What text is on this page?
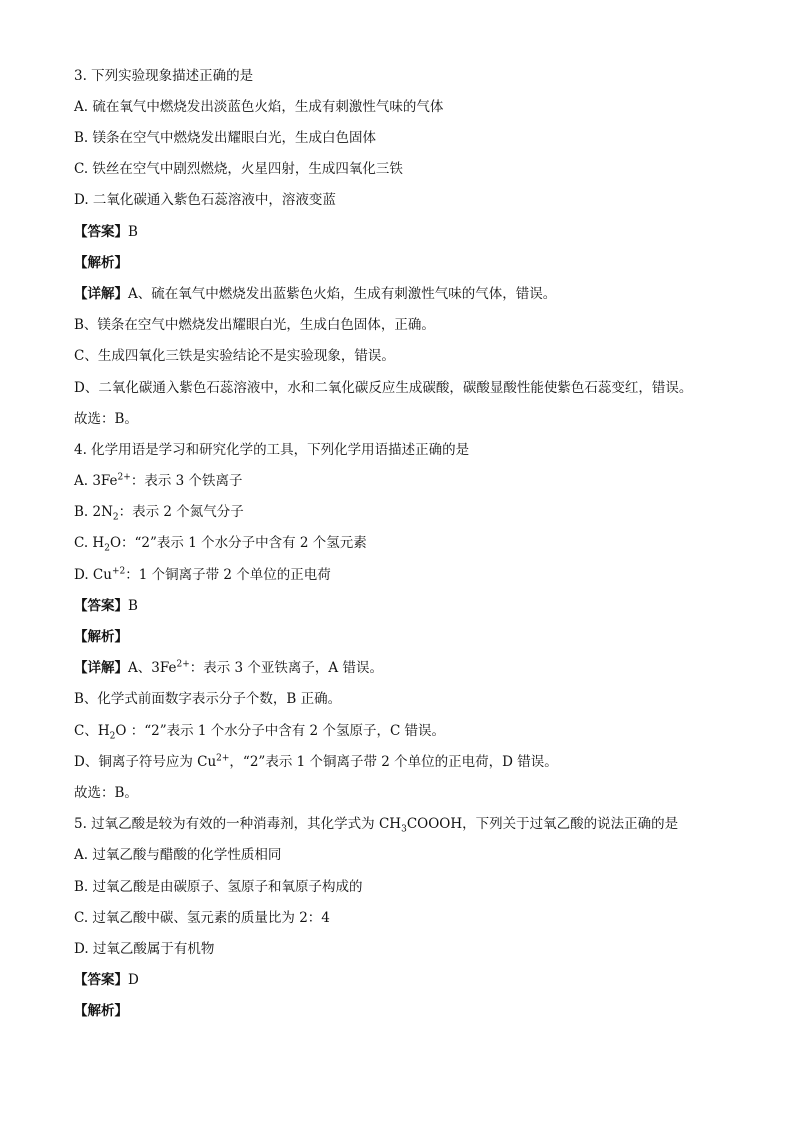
3. 下列实验现象描述正确的是
A. 硫在氧气中燃烧发出淡蓝色火焰，生成有刺激性气味的气体
B. 镁条在空气中燃烧发出耀眼白光，生成白色固体
C. 铁丝在空气中剧烈燃烧，火星四射，生成四氧化三铁
D. 二氧化碳通入紫色石蕊溶液中，溶液变蓝
【答案】B
【解析】
【详解】A、硫在氧气中燃烧发出蓝紫色火焰，生成有刺激性气味的气体，错误。
B、镁条在空气中燃烧发出耀眼白光，生成白色固体，正确。
C、生成四氧化三铁是实验结论不是实验现象，错误。
D、二氧化碳通入紫色石蕊溶液中，水和二氧化碳反应生成碳酸，碳酸显酸性能使紫色石蕊变红，错误。
故选：B。
4. 化学用语是学习和研究化学的工具，下列化学用语描述正确的是
A. $3Fe^{2+}$：表示 3 个铁离子
B. $2N_2$：表示 2 个氮气分子
C. $H_2O$：“2”表示 1 个水分子中含有 2 个氢元素
D. $Cu^{+2}$：1 个铜离子带 2 个单位的正电荷
【答案】B
【解析】
【详解】A、$3Fe^{2+}$：表示 3 个亚铁离子，A 错误。
B、化学式前面数字表示分子个数，B 正确。
C、$H_2O$ ：“2”表示 1 个水分子中含有 2 个氢原子，C 错误。
D、铜离子符号应为 $Cu^{2+}$，“2”表示 1 个铜离子带 2 个单位的正电荷，D 错误。
故选：B。
5. 过氧乙酸是较为有效的一种消毒剂，其化学式为 $CH_3COOOH$，下列关于过氧乙酸的说法正确的是
A. 过氧乙酸与醋酸的化学性质相同
B. 过氧乙酸是由碳原子、氢原子和氧原子构成的
C. 过氧乙酸中碳、氢元素的质量比为 2：4
D. 过氧乙酸属于有机物
【答案】D
【解析】
